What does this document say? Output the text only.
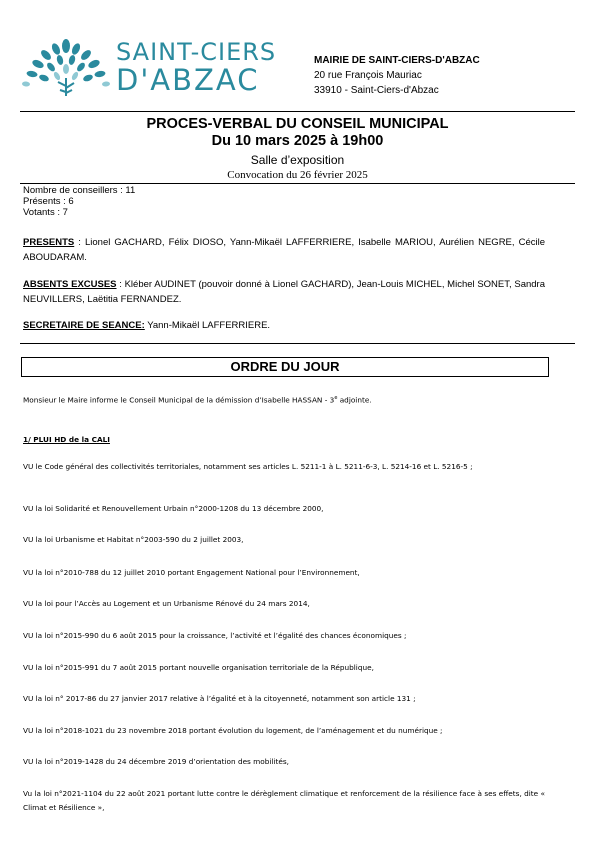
SAINT-CIERS
D'ABZAC
MAIRIE DE SAINT-CIERS-D'ABZAC
20 rue François Mauriac
33910 - Saint-Ciers-d'Abzac
PROCES-VERBAL DU CONSEIL MUNICIPAL
Du 10 mars 2025 à 19h00
Salle d’exposition
Convocation du 26 février 2025
Nombre de conseillers : 11
Présents : 6
Votants : 7
PRESENTS : Lionel GACHARD, Félix DIOSO, Yann-Mikaël LAFFERRIERE, Isabelle MARIOU, Aurélien NEGRE, Cécile ABOUDARAM.
ABSENTS EXCUSES : Kléber AUDINET (pouvoir donné à Lionel GACHARD), Jean-Louis MICHEL, Michel SONET, Sandra NEUVILLERS, Laëtitia FERNANDEZ.
SECRETAIRE DE SEANCE: Yann-Mikaël LAFFERRIERE.
ORDRE DU JOUR
Monsieur le Maire informe le Conseil Municipal de la démission d’Isabelle HASSAN - 3e adjointe.
1/ PLUI HD de la CALI
VU le Code général des collectivités territoriales, notamment ses articles L. 5211-1 à L. 5211-6-3, L. 5214-16 et L. 5216-5 ;
VU la loi Solidarité et Renouvellement Urbain n°2000-1208 du 13 décembre 2000,
VU la loi Urbanisme et Habitat n°2003-590 du 2 juillet 2003,
VU la loi n°2010-788 du 12 juillet 2010 portant Engagement National pour l’Environnement,
VU la loi pour l’Accès au Logement et un Urbanisme Rénové du 24 mars 2014,
VU la loi n°2015-990 du 6 août 2015 pour la croissance, l’activité et l’égalité des chances économiques ;
VU la loi n°2015-991 du 7 août 2015 portant nouvelle organisation territoriale de la République,
VU la loi n° 2017-86 du 27 janvier 2017 relative à l’égalité et à la citoyenneté, notamment son article 131 ;
VU la loi n°2018-1021 du 23 novembre 2018 portant évolution du logement, de l’aménagement et du numérique ;
VU la loi n°2019-1428 du 24 décembre 2019 d’orientation des mobilités,
Vu la loi n°2021-1104 du 22 août 2021 portant lutte contre le dérèglement climatique et renforcement de la résilience face à ses effets, dite « Climat et Résilience »,
